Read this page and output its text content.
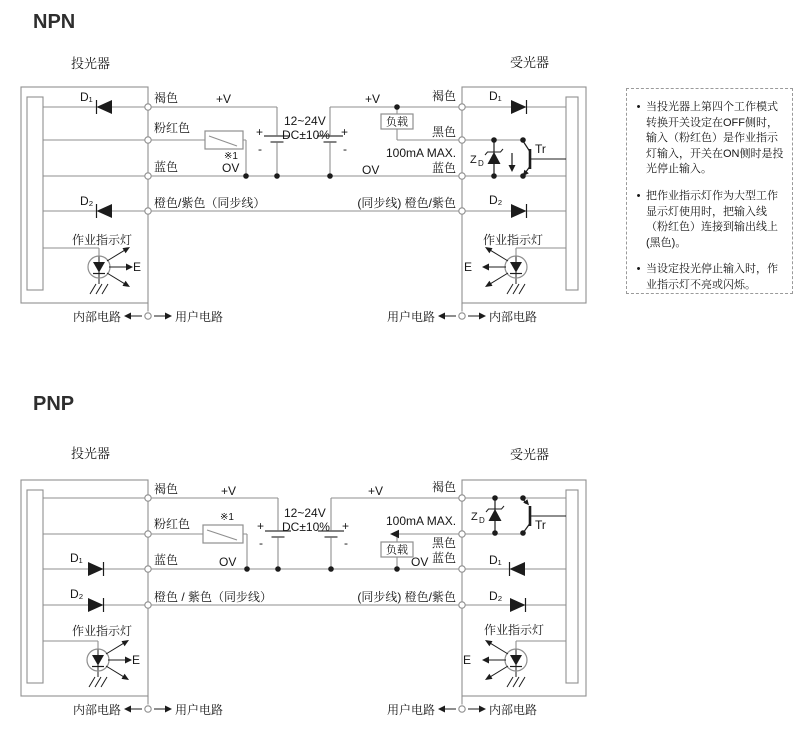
NPN
投光器	受光器
负载
褐色
粉红色
蓝色
橙色/紫色（同步线）
+V
OV
※1
12~24V
DC±10%
+
-
+
-
+V
100mA MAX.
OV
褐色
黑色
蓝色
(同步线) 橙色/紫色
D₁
D₂
D₁
D₂
Z D
Tr
作业指示灯	作业指示灯
E	E
内部电路	用户电路	用户电路	内部电路
PNP
投光器	受光器
负载
褐色
粉红色
蓝色
橙色 / 紫色（同步线）
+V
OV
※1	12~24V
DC±10%
+
-
+
-
+V
100mA MAX.
OV
褐色
黑色
蓝色
(同步线) 橙色/紫色
D₁
D₂
D₁
D₂
Z D	Tr
作业指示灯	作业指示灯
E	E
内部电路	用户电路	用户电路	内部电路
• 当投光器上第四个工作模式转换开关设定在OFF侧时，输入（粉红色）是作业指示灯输入，开关在ON侧时是投光停止输入。
• 把作业指示灯作为大型工作显示灯使用时，把输入线（粉红色）连接到输出线上(黑色)。
• 当设定投光停止输入时，作业指示灯不亮或闪烁。
